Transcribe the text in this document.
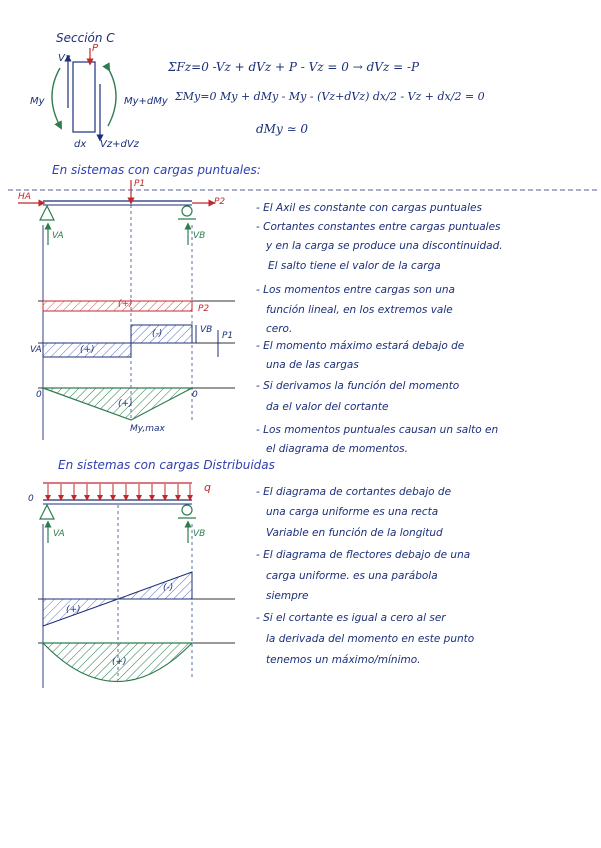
Sección C
Vz
P
My	My+dMy
dx Vz+dVz
ΣFz=0 -Vz + dVz + P - Vz = 0 → dVz = -P
ΣMy=0 My + dMy - My - (Vz+dVz) dx/2 - Vz + dx/2 = 0
dMy ≃ 0
En sistemas con cargas puntuales:
HA
P1
P2
VA	VB
(+)	P2
(-)
(+)
VA
VB
P1
0	0
(+)
My,max
- El Axil es constante con cargas puntuales
- Cortantes constantes entre cargas puntuales
y en la carga se produce una discontinuidad.
El salto tiene el valor de la carga
- Los momentos entre cargas son una
función lineal, en los extremos vale
cero.
- El momento máximo estará debajo de
una de las cargas
- Si derivamos la función del momento
da el valor del cortante
- Los momentos puntuales causan un salto en
el diagrama de momentos.
En sistemas con cargas Distribuidas
q
0
VA	VB
(+)
(-)
(+)
- El diagrama de cortantes debajo de
una carga uniforme es una recta
Variable en función de la longitud
- El diagrama de flectores debajo de una
carga uniforme. es una parábola
siempre
- Si el cortante es igual a cero al ser
la derivada del momento en este punto
tenemos un máximo/mínimo.
